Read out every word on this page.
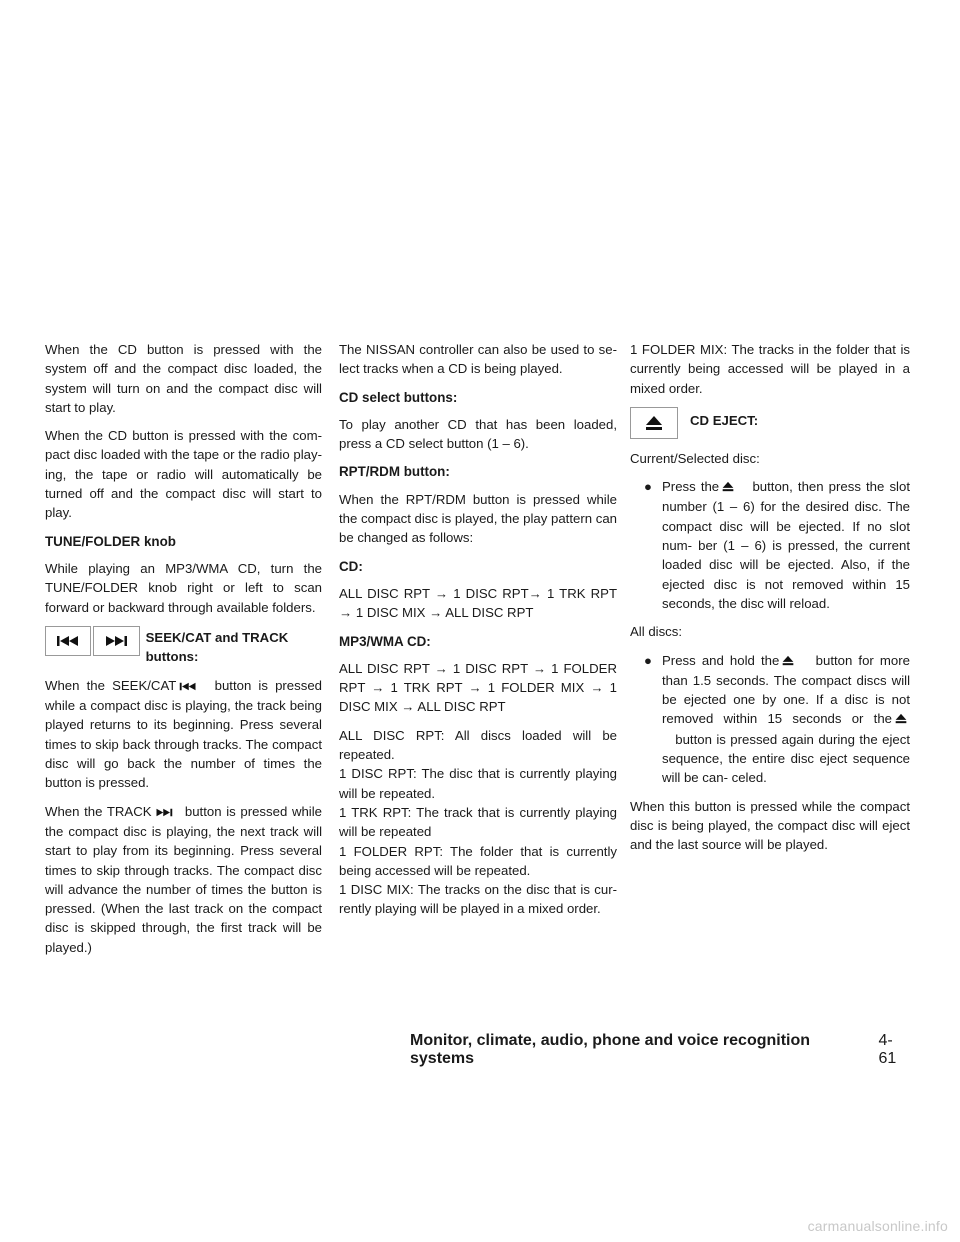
When the CD button is pressed with the system off and the compact disc loaded, the system will turn on and the compact disc will start to play.

When the CD button is pressed with the com- pact disc loaded with the tape or the radio play- ing, the tape or radio will automatically be turned off and the compact disc will start to play.

TUNE/FOLDER knob

While playing an MP3/WMA CD, turn the TUNE/FOLDER knob right or left to scan forward or backward through available folders.

SEEK/CAT and TRACK buttons:

When the SEEK/CAT	button is pressed while a compact disc is playing, the track being played returns to its beginning. Press several times to skip back through tracks. The compact disc will go back the number of times the button is pressed.

When the TRACK	button is pressed while the compact disc is playing, the next track will start to play from its beginning. Press several times to skip through tracks. The compact disc will advance the number of times the button is pressed. (When the last track on the compact disc is skipped through, the first track will be played.)

The NISSAN controller can also be used to se- lect tracks when a CD is being played.

CD select buttons:

To play another CD that has been loaded, press a CD select button (1 – 6).

RPT/RDM button:

When the RPT/RDM button is pressed while the compact disc is played, the play pattern can be changed as follows:

CD:

ALL DISC RPT → 1 DISC RPT→ 1 TRK RPT → 1 DISC MIX → ALL DISC RPT

MP3/WMA CD:

ALL DISC RPT → 1 DISC RPT → 1 FOLDER RPT → 1 TRK RPT → 1 FOLDER MIX → 1 DISC MIX → ALL DISC RPT

ALL DISC RPT: All discs loaded will be repeated.

1 DISC RPT: The disc that is currently playing will be repeated.

1 TRK RPT: The track that is currently playing will be repeated

1 FOLDER RPT: The folder that is currently being accessed will be repeated.

1 DISC MIX: The tracks on the disc that is cur- rently playing will be played in a mixed order.

1 FOLDER MIX: The tracks in the folder that is currently being accessed will be played in a mixed order.

CD EJECT:

Current/Selected disc:

● Press the	button, then press the slot number (1 – 6) for the desired disc. The compact disc will be ejected. If no slot num- ber (1 – 6) is pressed, the current loaded disc will be ejected. Also, if the ejected disc is not removed within 15 seconds, the disc will reload.

All discs:

● Press and hold the	button for more than 1.5 seconds. The compact discs will be ejected one by one. If a disc is not removed within 15 seconds or the   button is pressed again during the eject sequence, the entire disc eject sequence will be can- celed.

When this button is pressed while the compact disc is being played, the compact disc will eject and the last source will be played.

Monitor, climate, audio, phone and voice recognition systems
4-61
carmanualsonline.info
